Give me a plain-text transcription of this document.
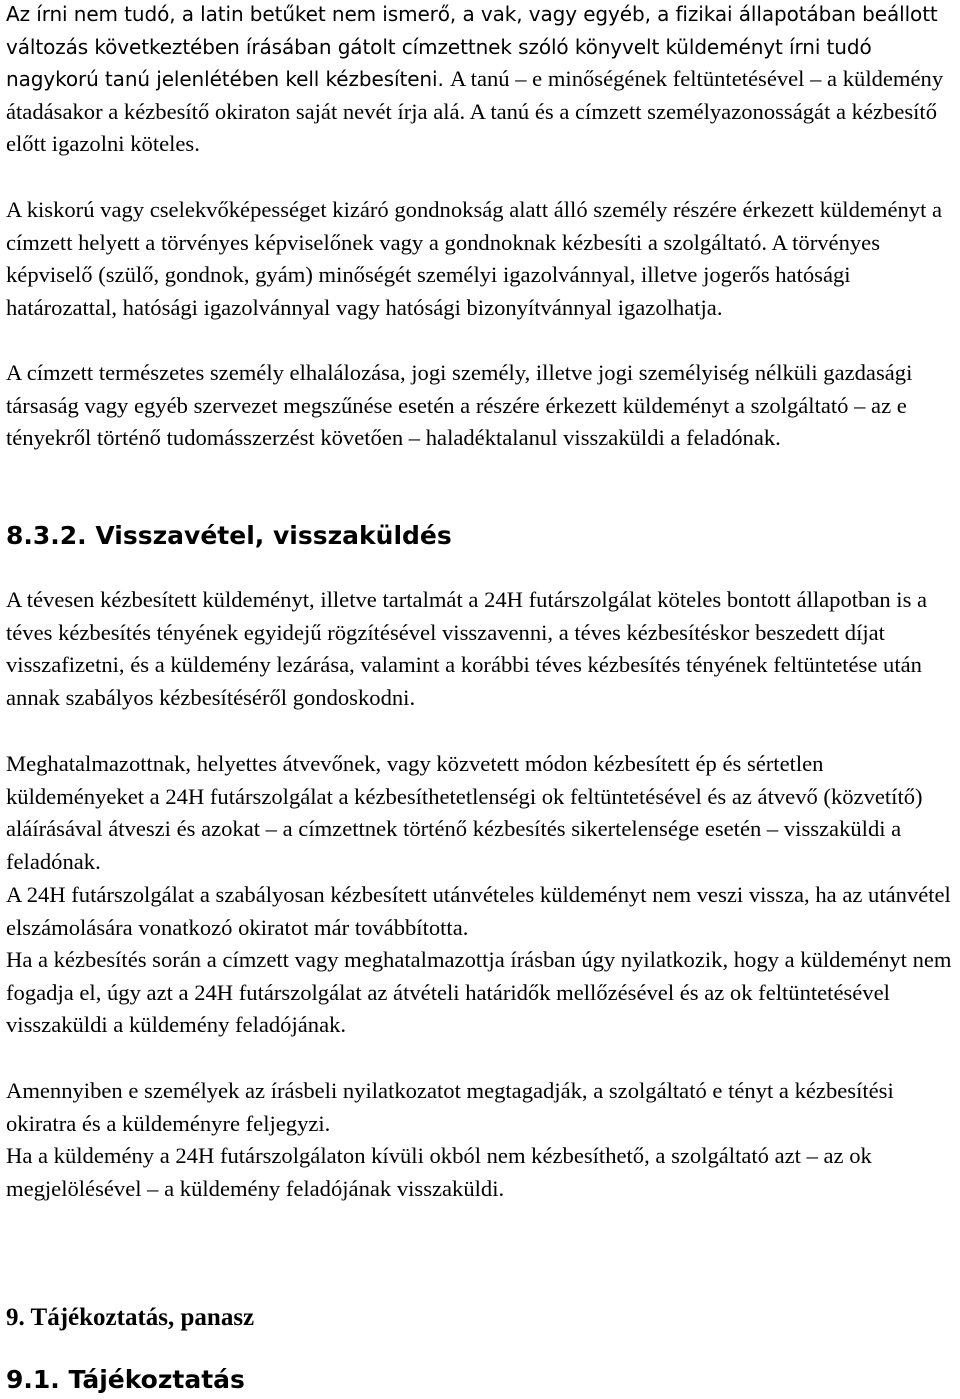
Az írni nem tudó, a latin betűket nem ismerő, a vak, vagy egyéb, a fizikai állapotában beállott változás következtében írásában gátolt címzettnek szóló könyvelt küldeményt írni tudó nagykorú tanú jelenlétében kell kézbesíteni. A tanú – e minőségének feltüntetésével – a küldemény átadásakor a kézbesítő okiraton saját nevét írja alá. A tanú és a címzett személyazonosságát a kézbesítő előtt igazolni köteles.

A kiskorú vagy cselekvőképességet kizáró gondnokság alatt álló személy részére érkezett küldeményt a címzett helyett a törvényes képviselőnek vagy a gondnoknak kézbesíti a szolgáltató. A törvényes képviselő (szülő, gondnok, gyám) minőségét személyi igazolvánnyal, illetve jogerős hatósági határozattal, hatósági igazolvánnyal vagy hatósági bizonyítvánnyal igazolhatja.

A címzett természetes személy elhalálozása, jogi személy, illetve jogi személyiség nélküli gazdasági társaság vagy egyéb szervezet megszűnése esetén a részére érkezett küldeményt a szolgáltató – az e tényekről történő tudomásszerzést követően – haladéktalanul visszaküldi a feladónak.

8.3.2. Visszavétel, visszaküldés

A tévesen kézbesített küldeményt, illetve tartalmát a 24H futárszolgálat köteles bontott állapotban is a téves kézbesítés tényének egyidejű rögzítésével visszavenni, a téves kézbesítéskor beszedett díjat visszafizetni, és a küldemény lezárása, valamint a korábbi téves kézbesítés tényének feltüntetése után annak szabályos kézbesítéséről gondoskodni.

Meghatalmazottnak, helyettes átvevőnek, vagy közvetett módon kézbesített ép és sértetlen küldeményeket a 24H futárszolgálat a kézbesíthetetlenségi ok feltüntetésével és az átvevő (közvetítő) aláírásával átveszi és azokat – a címzettnek történő kézbesítés sikertelensége esetén – visszaküldi a feladónak.

A 24H futárszolgálat a szabályosan kézbesített utánvételes küldeményt nem veszi vissza, ha az utánvétel elszámolására vonatkozó okiratot már továbbította.

Ha a kézbesítés során a címzett vagy meghatalmazottja írásban úgy nyilatkozik, hogy a küldeményt nem fogadja el, úgy azt a 24H futárszolgálat az átvételi határidők mellőzésével és az ok feltüntetésével visszaküldi a küldemény feladójának.

Amennyiben e személyek az írásbeli nyilatkozatot megtagadják, a szolgáltató e tényt a kézbesítési okiratra és a küldeményre feljegyzi.

Ha a küldemény a 24H futárszolgálaton kívüli okból nem kézbesíthető, a szolgáltató azt – az ok megjelölésével – a küldemény feladójának visszaküldi.

9. Tájékoztatás, panasz
9.1. Tájékoztatás
